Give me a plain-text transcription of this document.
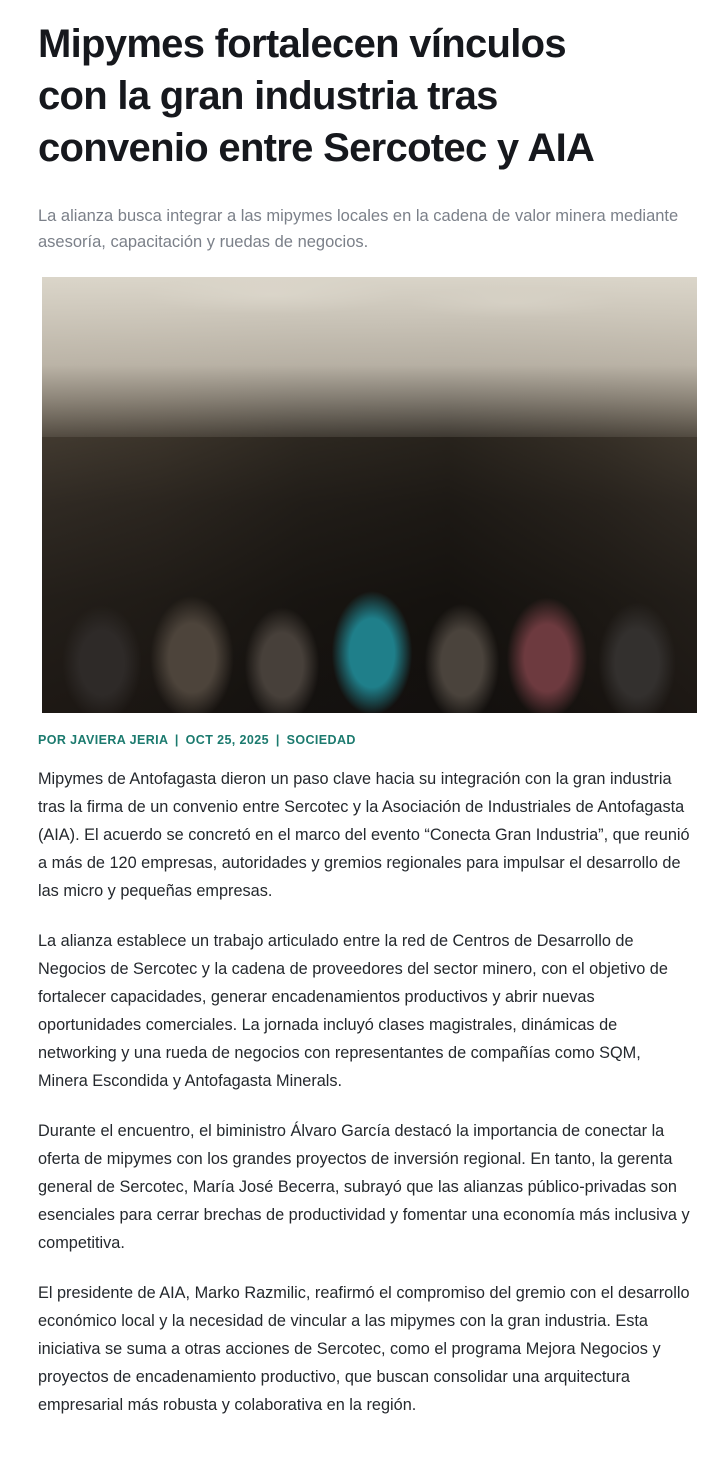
Mipymes fortalecen vínculos con la gran industria tras convenio entre Sercotec y AIA

La alianza busca integrar a las mipymes locales en la cadena de valor minera mediante asesoría, capacitación y ruedas de negocios.

POR JAVIERA JERIA | OCT 25, 2025 | SOCIEDAD

Mipymes de Antofagasta dieron un paso clave hacia su integración con la gran industria tras la firma de un convenio entre Sercotec y la Asociación de Industriales de Antofagasta (AIA). El acuerdo se concretó en el marco del evento “Conecta Gran Industria”, que reunió a más de 120 empresas, autoridades y gremios regionales para impulsar el desarrollo de las micro y pequeñas empresas.

La alianza establece un trabajo articulado entre la red de Centros de Desarrollo de Negocios de Sercotec y la cadena de proveedores del sector minero, con el objetivo de fortalecer capacidades, generar encadenamientos productivos y abrir nuevas oportunidades comerciales. La jornada incluyó clases magistrales, dinámicas de networking y una rueda de negocios con representantes de compañías como SQM, Minera Escondida y Antofagasta Minerals.

Durante el encuentro, el biministro Álvaro García destacó la importancia de conectar la oferta de mipymes con los grandes proyectos de inversión regional. En tanto, la gerenta general de Sercotec, María José Becerra, subrayó que las alianzas público-privadas son esenciales para cerrar brechas de productividad y fomentar una economía más inclusiva y competitiva.

El presidente de AIA, Marko Razmilic, reafirmó el compromiso del gremio con el desarrollo económico local y la necesidad de vincular a las mipymes con la gran industria. Esta iniciativa se suma a otras acciones de Sercotec, como el programa Mejora Negocios y proyectos de encadenamiento productivo, que buscan consolidar una arquitectura empresarial más robusta y colaborativa en la región.
